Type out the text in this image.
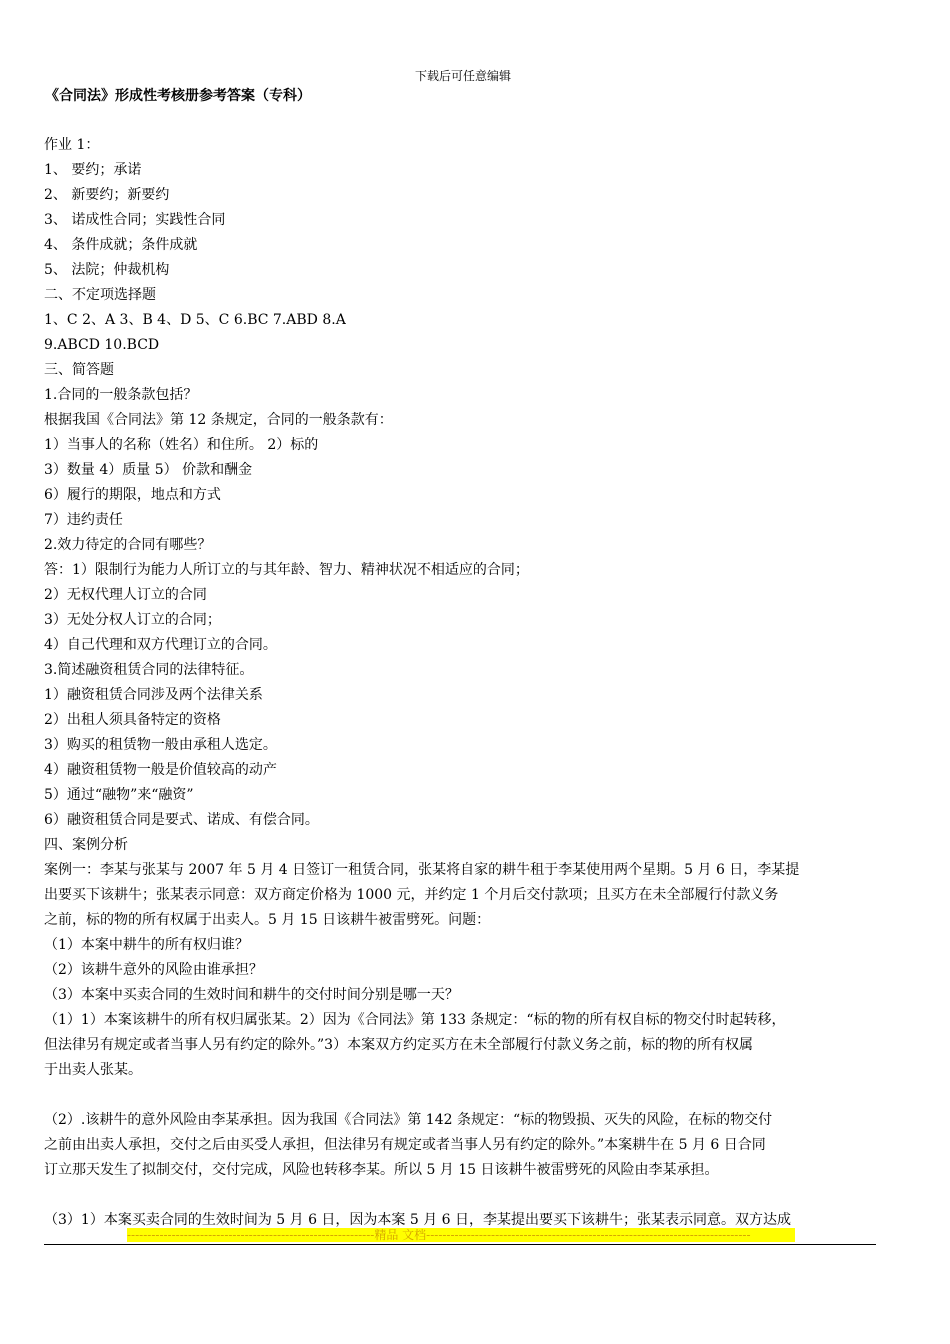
下载后可任意编辑
《合同法》形成性考核册参考答案（专科）
作业 1：
1、 要约；承诺
2、 新要约；新要约
3、 诺成性合同；实践性合同
4、 条件成就；条件成就
5、 法院；仲裁机构
二、不定项选择题
1、C 2、A 3、B 4、D 5、C 6.BC 7.ABD 8.A
9.ABCD 10.BCD
三、简答题
1.合同的一般条款包括？
根据我国《合同法》第 12 条规定，合同的一般条款有：
1）当事人的名称（姓名）和住所。 2）标的
3）数量 4）质量 5） 价款和酬金
6）履行的期限，地点和方式
7）违约责任
2.效力待定的合同有哪些？
答：1）限制行为能力人所订立的与其年龄、智力、精神状况不相适应的合同；
2）无权代理人订立的合同
3）无处分权人订立的合同；
4）自己代理和双方代理订立的合同。
3.简述融资租赁合同的法律特征。
1）融资租赁合同涉及两个法律关系
2）出租人须具备特定的资格
3）购买的租赁物一般由承租人选定。
4）融资租赁物一般是价值较高的动产
5）通过“融物”来“融资”
6）融资租赁合同是要式、诺成、有偿合同。
四、案例分析
案例一：李某与张某与 2007 年 5 月 4 日签订一租赁合同，张某将自家的耕牛租于李某使用两个星期。5 月 6 日，李某提
出要买下该耕牛；张某表示同意：双方商定价格为 1000 元，并约定 1 个月后交付款项；且买方在未全部履行付款义务
之前，标的物的所有权属于出卖人。5 月 15 日该耕牛被雷劈死。问题：
（1）本案中耕牛的所有权归谁？
（2）该耕牛意外的风险由谁承担？
（3）本案中买卖合同的生效时间和耕牛的交付时间分别是哪一天？
（1）1）本案该耕牛的所有权归属张某。2）因为《合同法》第 133 条规定：“标的物的所有权自标的物交付时起转移，
但法律另有规定或者当事人另有约定的除外。”3）本案双方约定买方在未全部履行付款义务之前，标的物的所有权属
于出卖人张某。
（2）.该耕牛的意外风险由李某承担。因为我国《合同法》第 142 条规定：“标的物毁损、灭失的风险，在标的物交付
之前由出卖人承担，交付之后由买受人承担，但法律另有规定或者当事人另有约定的除外。”本案耕牛在 5 月 6 日合同
订立那天发生了拟制交付，交付完成，风险也转移李某。所以 5 月 15 日该耕牛被雷劈死的风险由李某承担。
（3）1）本案买卖合同的生效时间为 5 月 6 日，因为本案 5 月 6 日，李某提出要买下该耕牛；张某表示同意。双方达成
-------------------------------------------------------------精品 文档--------------------------------------------------------------------------------
